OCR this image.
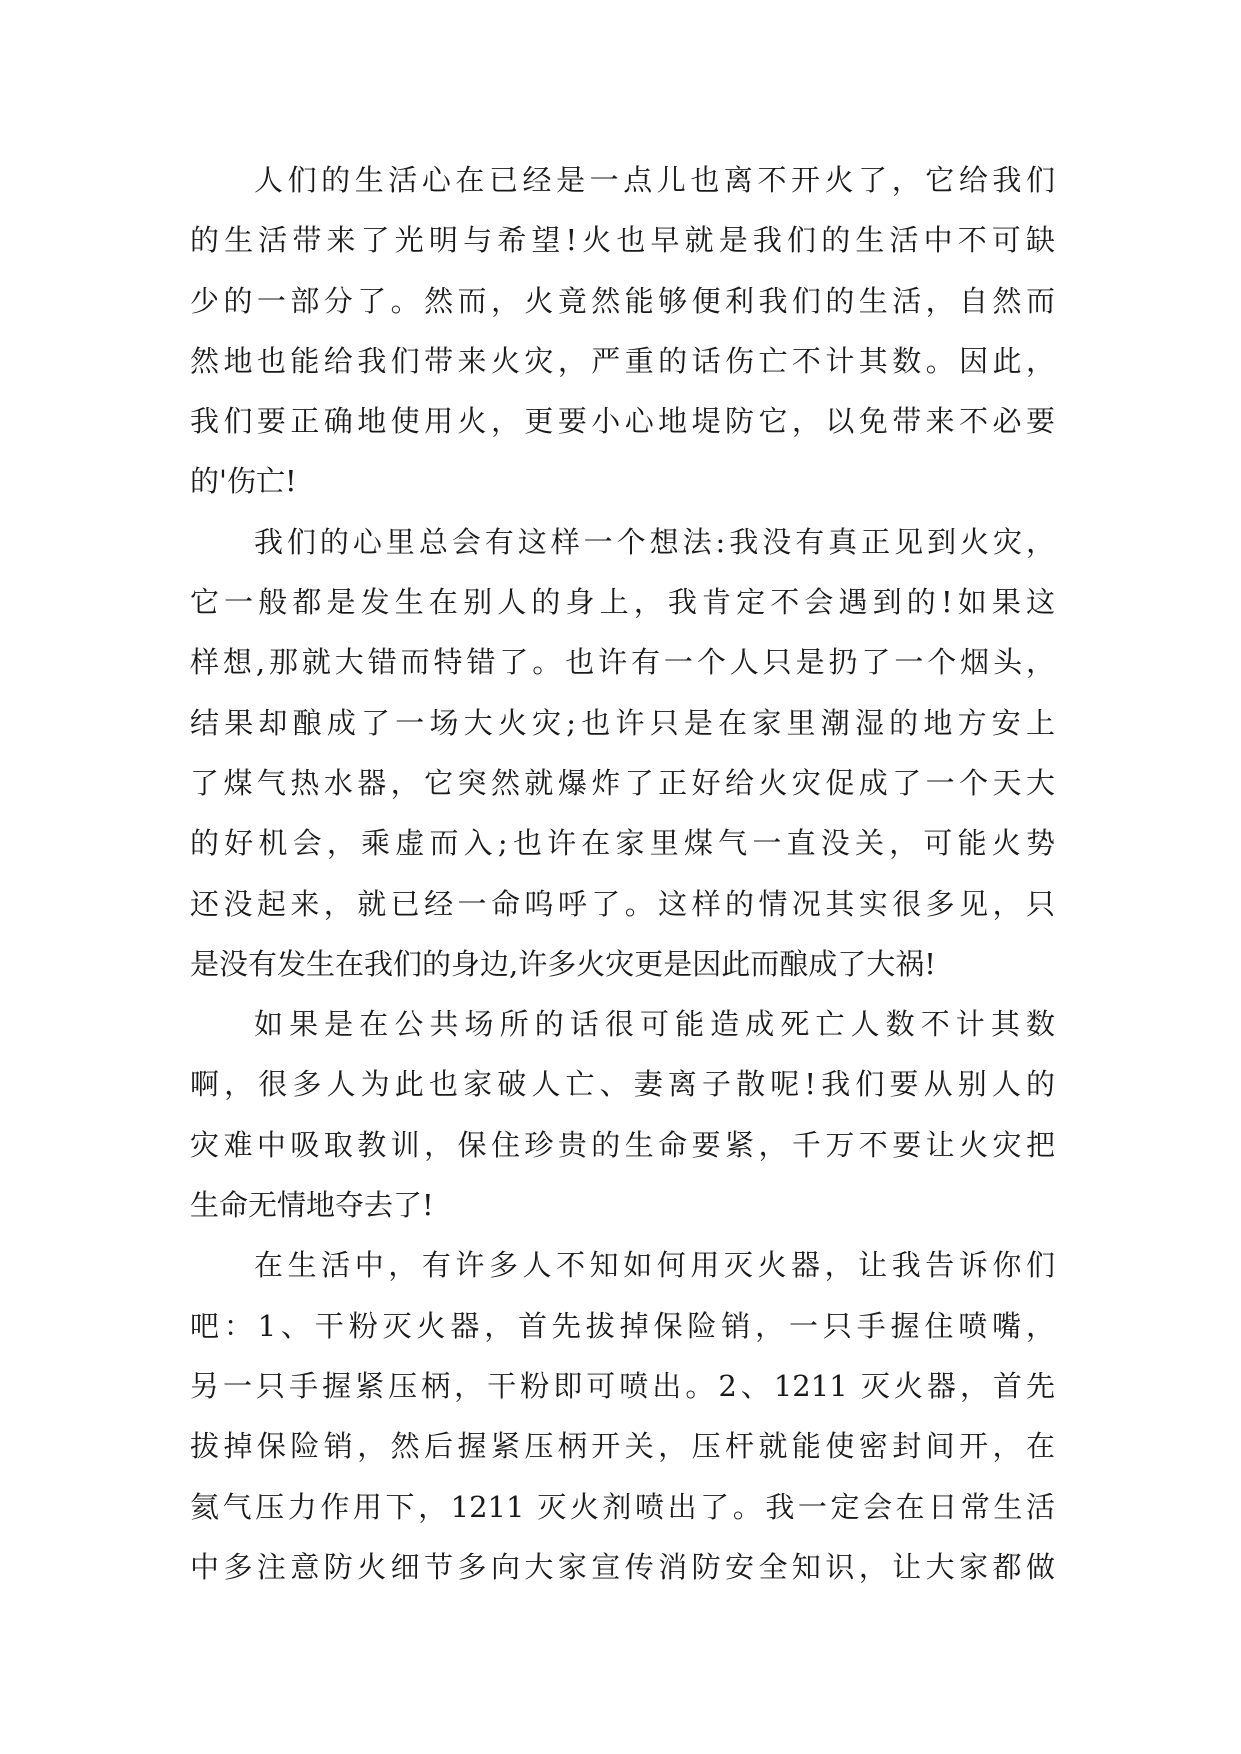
人们的生活心在已经是一点儿也离不开火了，它给我们
的生活带来了光明与希望!火也早就是我们的生活中不可缺
少的一部分了。然而，火竟然能够便利我们的生活，自然而
然地也能给我们带来火灾，严重的话伤亡不计其数。因此，
我们要正确地使用火，更要小心地堤防它，以免带来不必要
的'伤亡!
我们的心里总会有这样一个想法:我没有真正见到火灾，
它一般都是发生在别人的身上，我肯定不会遇到的!如果这
样想,那就大错而特错了。也许有一个人只是扔了一个烟头，
结果却酿成了一场大火灾;也许只是在家里潮湿的地方安上
了煤气热水器，它突然就爆炸了正好给火灾促成了一个天大
的好机会，乘虚而入;也许在家里煤气一直没关，可能火势
还没起来，就已经一命呜呼了。这样的情况其实很多见，只
是没有发生在我们的身边,许多火灾更是因此而酿成了大祸!
如果是在公共场所的话很可能造成死亡人数不计其数
啊，很多人为此也家破人亡、妻离子散呢!我们要从别人的
灾难中吸取教训，保住珍贵的生命要紧，千万不要让火灾把
生命无情地夺去了!
在生活中，有许多人不知如何用灭火器，让我告诉你们
吧：1、干粉灭火器，首先拔掉保险销，一只手握住喷嘴，
另一只手握紧压柄，干粉即可喷出。2、1211 灭火器，首先
拔掉保险销，然后握紧压柄开关，压杆就能使密封间开，在
氦气压力作用下，1211 灭火剂喷出了。我一定会在日常生活
中多注意防火细节多向大家宣传消防安全知识，让大家都做
